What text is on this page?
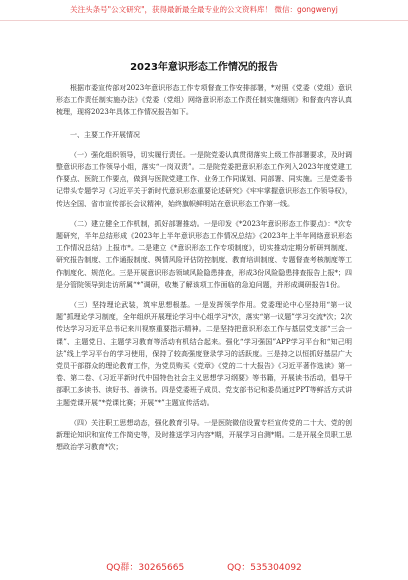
关注头条号"公文研究"，获得最新最全最专业的公文资料库！ 微信：gongwenyj
2023年意识形态工作情况的报告

根据市委宣传部对2023年意识形态工作专项督查工作安排部署，*对照《党委（党组）意识形态工作责任制实施办法》《党委（党组）网络意识形态工作责任制实施细则》和督查内容认真梳理，现将2023年具体工作情况报告如下。

一、主要工作开展情况

（一）强化组织领导，切实履行责任。一是院党委认真贯彻落实上级工作部署要求，及时调整意识形态工作领导小组，落实“一岗双责”。二是院党委把意识形态工作列入2023年度党建工作要点、医院工作要点，做到与医院党建工作、业务工作同谋划、同部署、同实施。三是党委书记带头专题学习《习近平关于新时代意识形态重要论述研究》《牢牢掌握意识形态工作领导权》，传达全国、省市宣传部长会议精神，始终旗帜鲜明站在意识形态工作第一线。

（二）建立健全工作机制，抓好部署推动。一是印发《*2023年意识形态工作要点》：*次专题研究，半年总结形成《2023年上半年意识形态工作情况总结》《2023年上半年网络意识形态工作情况总结》上报市*。二是建立《*意识形态工作专项制度》，切实推动定期分析研判制度、研究报告制度、工作通报制度、舆情风险评估防控制度、教育培训制度、专题督查考核制度等工作制度化、规范化。三是开展意识形态领域风险隐患排查，形成3份风险隐患排查报告上报*；四是分管院领导到走访所属“*”调研，收集了解该项工作面临的急迫问题，并形成调研报告1份。

（三）坚持理论武装，筑牢思想根基。一是发挥领学作用。党委理论中心坚持用“第一议题”抓理论学习制度，全年组织开展理论学习中心组学习*次，落实“第一议题”学习交流*次；2次传达学习习近平总书记来川视察重要指示精神。二是坚持把意识形态工作与基层党支部“三会一课”、主题党日、主题学习教育等活动有机结合起来。强化“学习强国”APP学习平台和“知己明法”线上学习平台的学习使用，保持了较高强度登录学习的活跃度。三是持之以恒抓好基层广大党员干部群众的理论教育工作，为党员购买《党章》《党的二十大报告》《习近平著作选读》第一卷、第二卷、《习近平新时代中国特色社会主义思想学习纲要》等书籍，开展读书活动，倡导干部职工多读书、读好书、善读书。四是党委班子成员、党支部书记和委员通过PPT等鲜活方式讲主题党课开展“*党课比赛；开展“*”主题宣传活动。

（四）关注职工思想动态，强化教育引导。一是医院微信设置专栏宣传党的二十大、党的创新理论知识和宣传工作简史等，及时推送学习内容*期，开展学习自测*期。二是开展全员职工思想政治学习教育*次；

QQ群：30265665	QQ：535304092
